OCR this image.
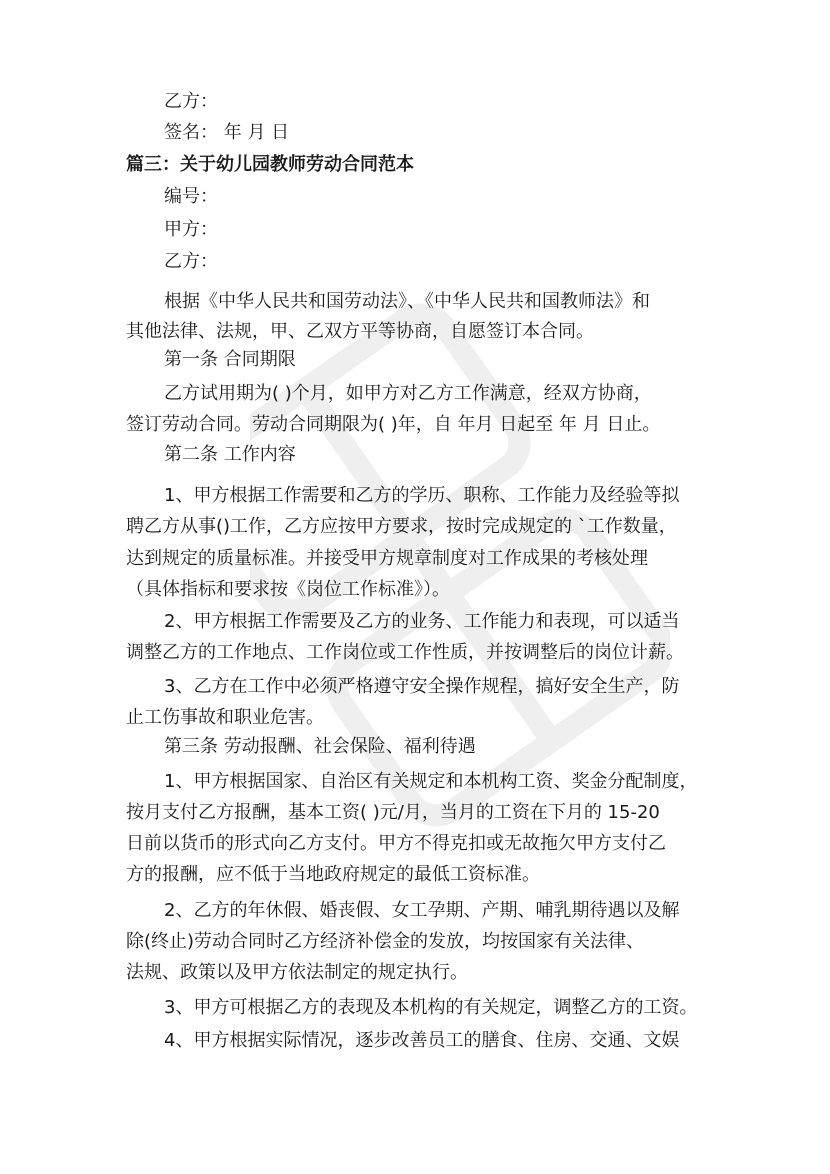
乙方：
签名： 年 月 日
篇三：关于幼儿园教师劳动合同范本
编号：
甲方：
乙方：
根据《中华人民共和国劳动法》、《中华人民共和国教师法》和
其他法律、法规，甲、乙双方平等协商，自愿签订本合同。
第一条 合同期限
乙方试用期为( )个月，如甲方对乙方工作满意，经双方协商，
签订劳动合同。劳动合同期限为( )年，自 年月 日起至 年 月 日止。
第二条 工作内容
1、甲方根据工作需要和乙方的学历、职称、工作能力及经验等拟
聘乙方从事()工作，乙方应按甲方要求，按时完成规定的 `工作数量，
达到规定的质量标准。并接受甲方规章制度对工作成果的考核处理
（具体指标和要求按《岗位工作标准》）。
2、甲方根据工作需要及乙方的业务、工作能力和表现，可以适当
调整乙方的工作地点、工作岗位或工作性质，并按调整后的岗位计薪。
3、乙方在工作中必须严格遵守安全操作规程，搞好安全生产，防
止工伤事故和职业危害。
第三条 劳动报酬、社会保险、福利待遇
1、甲方根据国家、自治区有关规定和本机构工资、奖金分配制度，
按月支付乙方报酬，基本工资( )元/月，当月的工资在下月的 15-20
日前以货币的形式向乙方支付。甲方不得克扣或无故拖欠甲方支付乙
方的报酬，应不低于当地政府规定的最低工资标准。
2、乙方的年休假、婚丧假、女工孕期、产期、哺乳期待遇以及解
除(终止)劳动合同时乙方经济补偿金的发放，均按国家有关法律、
法规、政策以及甲方依法制定的规定执行。
3、甲方可根据乙方的表现及本机构的有关规定，调整乙方的工资。
4、甲方根据实际情况，逐步改善员工的膳食、住房、交通、文娱
